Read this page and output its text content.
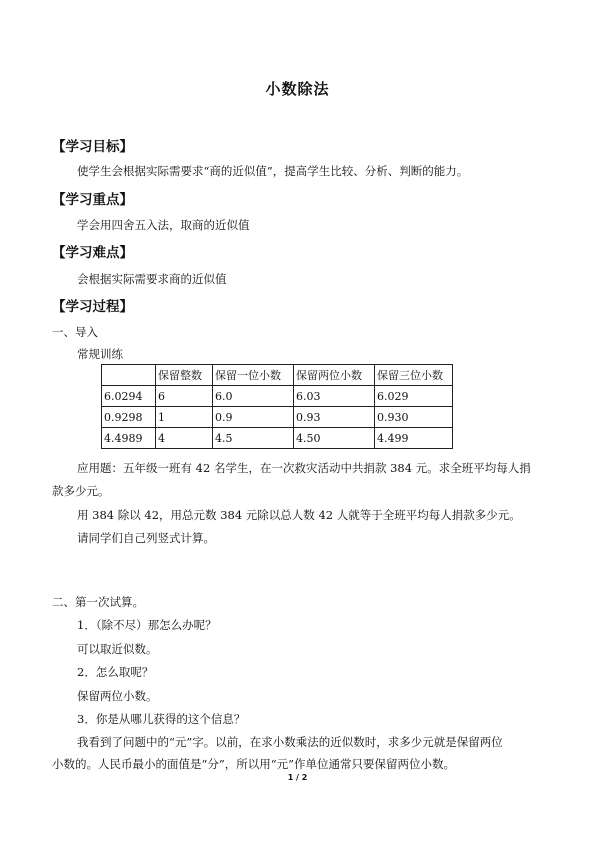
小数除法
【学习目标】
使学生会根据实际需要求“商的近似值”，提高学生比较、分析、判断的能力。
【学习重点】
学会用四舍五入法，取商的近似值
【学习难点】
会根据实际需要求商的近似值
【学习过程】
一、导入
常规训练
	保留整数	保留一位小数	保留两位小数	保留三位小数
6.0294	6	6.0	6.03	6.029
0.9298	1	0.9	0.93	0.930
4.4989	4	4.5	4.50	4.499
应用题：五年级一班有 42 名学生，在一次救灾活动中共捐款 384 元。求全班平均每人捐
款多少元。
用 384 除以 42，用总元数 384 元除以总人数 42 人就等于全班平均每人捐款多少元。
请同学们自己列竖式计算。
二、第一次试算。
1．（除不尽）那怎么办呢？
可以取近似数。
2．怎么取呢？
保留两位小数。
3．你是从哪儿获得的这个信息？
我看到了问题中的“元”字。以前，在求小数乘法的近似数时，求多少元就是保留两位
小数的。人民币最小的面值是“分”，所以用“元”作单位通常只要保留两位小数。
1 / 2
